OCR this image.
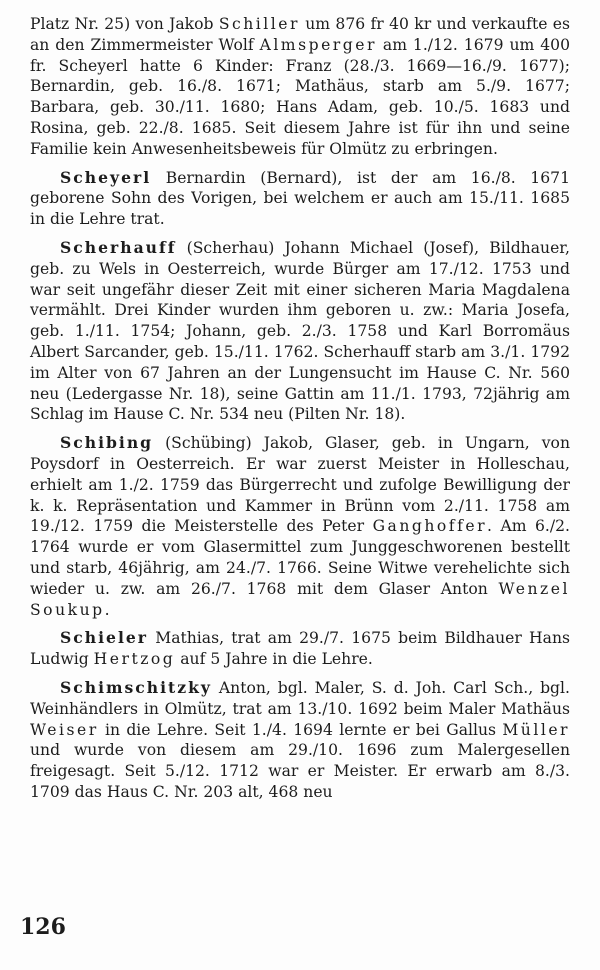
Platz Nr. 25) von Jakob Schiller um 876 fr 40 kr und verkaufte es an den Zimmermeister Wolf Almsperger am 1./12. 1679 um 400 fr. Scheyerl hatte 6 Kinder: Franz (28./3. 1669—16./9. 1677); Bernardin, geb. 16./8. 1671; Mathäus, starb am 5./9. 1677; Barbara, geb. 30./11. 1680; Hans Adam, geb. 10./5. 1683 und Rosina, geb. 22./8. 1685. Seit diesem Jahre ist für ihn und seine Familie kein Anwesenheitsbeweis für Olmütz zu erbringen.

Scheyerl Bernardin (Bernard), ist der am 16./8. 1671 geborene Sohn des Vorigen, bei welchem er auch am 15./11. 1685 in die Lehre trat.

Scherhauff (Scherhau) Johann Michael (Josef), Bildhauer, geb. zu Wels in Oesterreich, wurde Bürger am 17./12. 1753 und war seit ungefähr dieser Zeit mit einer sicheren Maria Magdalena vermählt. Drei Kinder wurden ihm geboren u. zw.: Maria Josefa, geb. 1./11. 1754; Johann, geb. 2./3. 1758 und Karl Borromäus Albert Sarcander, geb. 15./11. 1762. Scherhauff starb am 3./1. 1792 im Alter von 67 Jahren an der Lungensucht im Hause C. Nr. 560 neu (Ledergasse Nr. 18), seine Gattin am 11./1. 1793, 72jährig am Schlag im Hause C. Nr. 534 neu (Pilten Nr. 18).

Schibing (Schübing) Jakob, Glaser, geb. in Ungarn, von Poysdorf in Oesterreich. Er war zuerst Meister in Holleschau, erhielt am 1./2. 1759 das Bürgerrecht und zufolge Bewilligung der k. k. Repräsentation und Kammer in Brünn vom 2./11. 1758 am 19./12. 1759 die Meisterstelle des Peter Ganghoffer. Am 6./2. 1764 wurde er vom Glasermittel zum Junggeschworenen bestellt und starb, 46jährig, am 24./7. 1766. Seine Witwe verehelichte sich wieder u. zw. am 26./7. 1768 mit dem Glaser Anton Wenzel Soukup.

Schieler Mathias, trat am 29./7. 1675 beim Bildhauer Hans Ludwig Hertzog auf 5 Jahre in die Lehre.

Schimschitzky Anton, bgl. Maler, S. d. Joh. Carl Sch., bgl. Weinhändlers in Olmütz, trat am 13./10. 1692 beim Maler Mathäus Weiser in die Lehre. Seit 1./4. 1694 lernte er bei Gallus Müller und wurde von diesem am 29./10. 1696 zum Malergesellen freigesagt. Seit 5./12. 1712 war er Meister. Er erwarb am 8./3. 1709 das Haus C. Nr. 203 alt, 468 neu

126
